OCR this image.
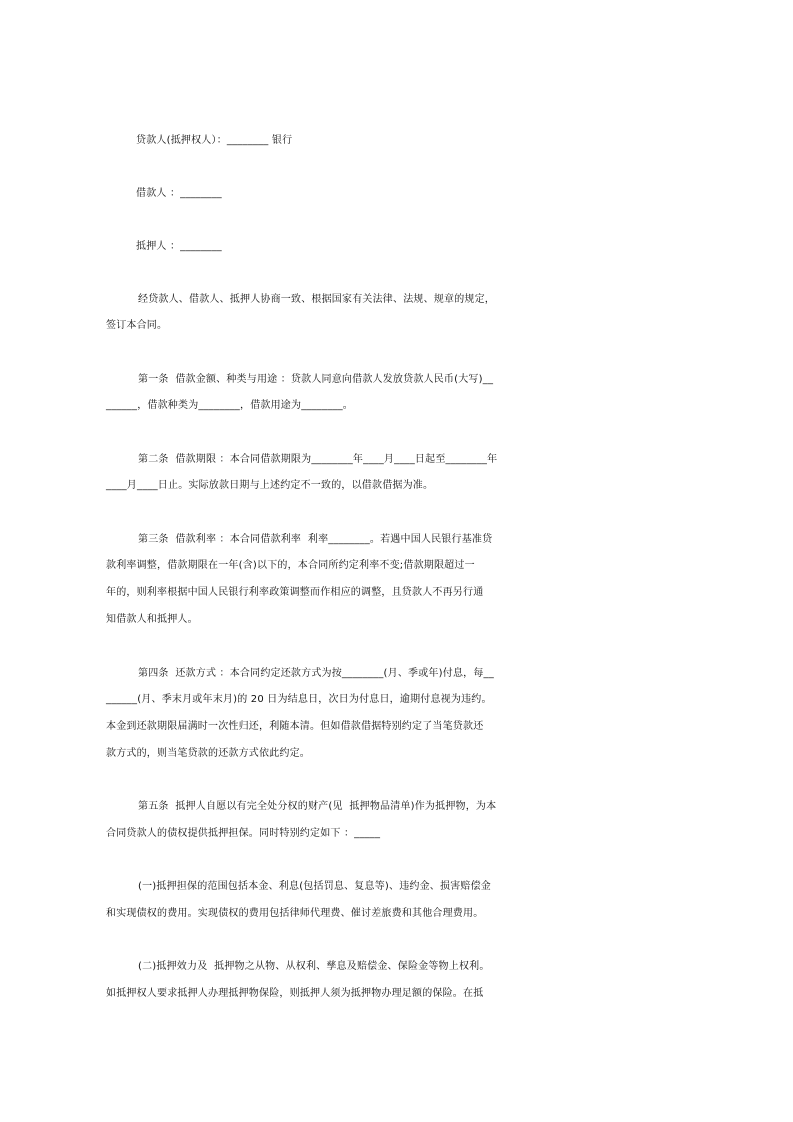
贷款人(抵押权人）：________ 银行
借款人 ：________
抵押人 ：________
经贷款人、借款人、抵押人协商一致、根据国家有关法律、法规、规章的规定，
签订本合同。
第一条  借款金额、种类与用途 ：贷款人同意向借款人发放贷款人民币(大写)__
______，借款种类为________，借款用途为________。
第二条  借款期限 ：本合同借款期限为________年____月____日起至________年
____月____日止。实际放款日期与上述约定不一致的，以借款借据为准。
第三条  借款利率 ：本合同借款利率  利率________。若遇中国人民银行基准贷
款利率调整，借款期限在一年(含)以下的，本合同所约定利率不变;借款期限超过一
年的，则利率根据中国人民银行利率政策调整而作相应的调整，且贷款人不再另行通
知借款人和抵押人。
第四条  还款方式 ：本合同约定还款方式为按________(月、季或年)付息，每__
______(月、季末月或年末月)的 20 日为结息日，次日为付息日，逾期付息视为违约。
本金到还款期限届满时一次性归还，利随本清。但如借款借据特别约定了当笔贷款还
款方式的，则当笔贷款的还款方式依此约定。
第五条  抵押人自愿以有完全处分权的财产(见  抵押物品清单)作为抵押物，为本
合同贷款人的债权提供抵押担保。同时特别约定如下 ：_____
(一)抵押担保的范围包括本金、利息(包括罚息、复息等)、违约金、损害赔偿金
和实现债权的费用。实现债权的费用包括律师代理费、催讨差旅费和其他合理费用。
(二)抵押效力及  抵押物之从物、从权利、孳息及赔偿金、保险金等物上权利。
如抵押权人要求抵押人办理抵押物保险，则抵押人须为抵押物办理足额的保险。在抵
